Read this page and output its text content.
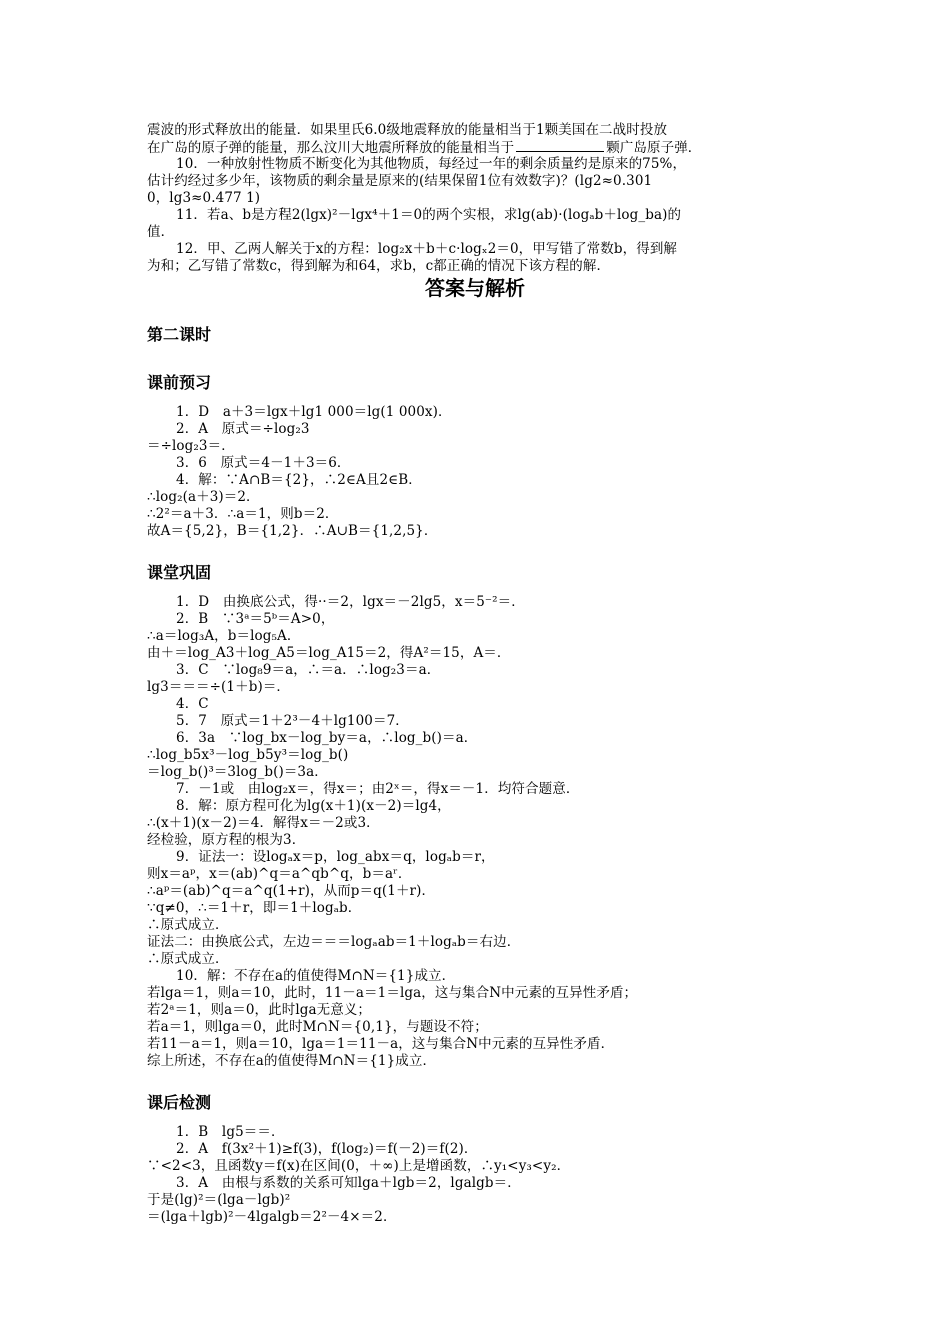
震波的形式释放出的能量．如果里氏6.0级地震释放的能量相当于1颗美国在二战时投放
在广岛的原子弹的能量，那么汶川大地震所释放的能量相当于	颗广岛原子弹．
10．一种放射性物质不断变化为其他物质，每经过一年的剩余质量约是原来的75%，
估计约经过多少年，该物质的剩余量是原来的(结果保留1位有效数字)？(lg2≈0.301
0，lg3≈0.477 1)
11．若a、b是方程2(lgx)²－lgx⁴＋1＝0的两个实根，求lg(ab)·(logₐb＋log_ba)的
值．
12．甲、乙两人解关于x的方程：log₂x＋b＋c·logₓ2＝0，甲写错了常数b，得到解
为和；乙写错了常数c，得到解为和64，求b，c都正确的情况下该方程的解．
答案与解析
第二课时
课前预习
1．D　a＋3＝lgx＋lg1 000＝lg(1 000x)．
2．A　原式＝÷log₂3
＝÷log₂3＝．
3．6　原式＝4－1＋3＝6．
4．解：∵A∩B＝{2}，∴2∈A且2∈B．
∴log₂(a＋3)＝2．
∴2²＝a＋3．∴a＝1，则b＝2．
故A＝{5,2}，B＝{1,2}．∴A∪B＝{1,2,5}．
课堂巩固
1．D　由换底公式，得··＝2，lgx＝－2lg5，x＝5⁻²＝．
2．B　∵3ᵃ＝5ᵇ＝A>0，
∴a＝log₃A，b＝log₅A．
由＋＝log_A3＋log_A5＝log_A15＝2，得A²＝15，A＝．
3．C　∵log₈9＝a，∴＝a．∴log₂3＝a．
lg3＝＝＝÷(1＋b)＝．
4．C
5．7　原式＝1＋2³－4＋lg100＝7．
6．3a　∵log_bx－log_by＝a，∴log_b()＝a．
∴log_b5x³－log_b5y³＝log_b()
＝log_b()³＝3log_b()＝3a．
7．－1或　由log₂x＝，得x＝；由2ˣ＝，得x＝－1．均符合题意．
8．解：原方程可化为lg(x＋1)(x－2)＝lg4，
∴(x＋1)(x－2)＝4．解得x＝－2或3．
经检验，原方程的根为3．
9．证法一：设logₐx＝p，log_abx＝q，logₐb＝r，
则x＝aᵖ，x＝(ab)^q＝a^qb^q，b＝aʳ．
∴aᵖ＝(ab)^q＝a^q(1+r)，从而p＝q(1＋r)．
∵q≠0，∴＝1＋r，即＝1＋logₐb．
∴原式成立．
证法二：由换底公式，左边＝＝＝logₐab＝1＋logₐb＝右边．
∴原式成立．
10．解：不存在a的值使得M∩N＝{1}成立．
若lga＝1，则a＝10，此时，11－a＝1＝lga，这与集合N中元素的互异性矛盾；
若2ᵃ＝1，则a＝0，此时lga无意义；
若a＝1，则lga＝0，此时M∩N＝{0,1}，与题设不符；
若11－a＝1，则a＝10，lga＝1＝11－a，这与集合N中元素的互异性矛盾．
综上所述，不存在a的值使得M∩N＝{1}成立．
课后检测
1．B　lg5＝＝．
2．A　f(3x²＋1)≥f(3)，f(log₂)＝f(－2)＝f(2)．
∵<2<3，且函数y＝f(x)在区间(0，＋∞)上是增函数，∴y₁<y₃<y₂．
3．A　由根与系数的关系可知lga＋lgb＝2，lgalgb＝．
于是(lg)²＝(lga－lgb)²
＝(lga＋lgb)²－4lgalgb＝2²－4×＝2．
